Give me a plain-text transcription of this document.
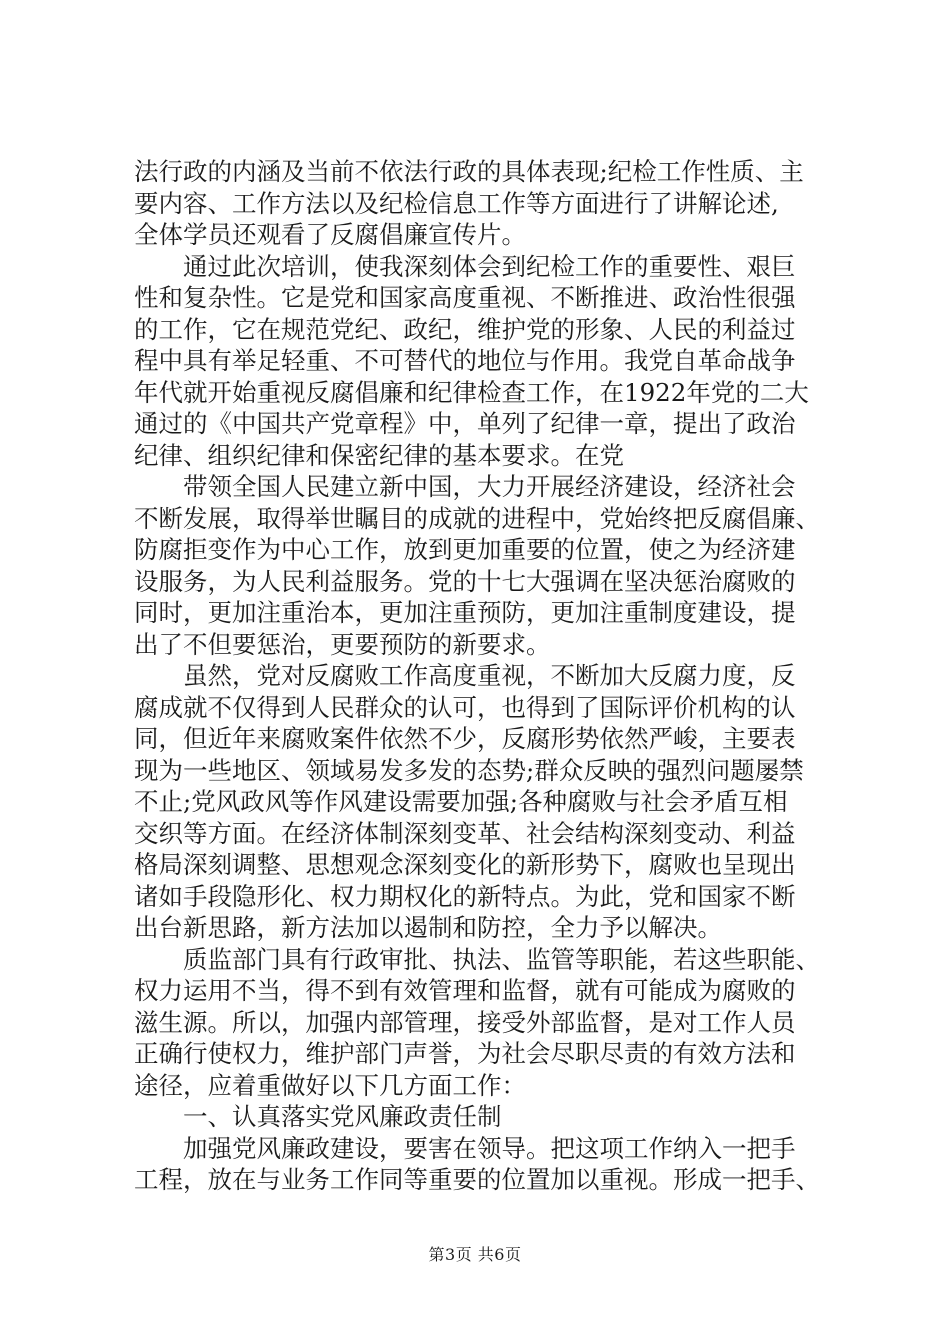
法行政的内涵及当前不依法行政的具体表现;纪检工作性质、主
要内容、工作方法以及纪检信息工作等方面进行了讲解论述,
全体学员还观看了反腐倡廉宣传片。
　　通过此次培训，使我深刻体会到纪检工作的重要性、艰巨
性和复杂性。它是党和国家高度重视、不断推进、政治性很强
的工作，它在规范党纪、政纪，维护党的形象、人民的利益过
程中具有举足轻重、不可替代的地位与作用。我党自革命战争
年代就开始重视反腐倡廉和纪律检查工作，在1922年党的二大
通过的《中国共产党章程》中，单列了纪律一章，提出了政治
纪律、组织纪律和保密纪律的基本要求。在党
　　带领全国人民建立新中国，大力开展经济建设，经济社会
不断发展，取得举世瞩目的成就的进程中，党始终把反腐倡廉、
防腐拒变作为中心工作，放到更加重要的位置，使之为经济建
设服务，为人民利益服务。党的十七大强调在坚决惩治腐败的
同时，更加注重治本，更加注重预防，更加注重制度建设，提
出了不但要惩治，更要预防的新要求。
　　虽然，党对反腐败工作高度重视，不断加大反腐力度，反
腐成就不仅得到人民群众的认可，也得到了国际评价机构的认
同，但近年来腐败案件依然不少，反腐形势依然严峻，主要表
现为一些地区、领域易发多发的态势;群众反映的强烈问题屡禁
不止;党风政风等作风建设需要加强;各种腐败与社会矛盾互相
交织等方面。在经济体制深刻变革、社会结构深刻变动、利益
格局深刻调整、思想观念深刻变化的新形势下，腐败也呈现出
诸如手段隐形化、权力期权化的新特点。为此，党和国家不断
出台新思路，新方法加以遏制和防控，全力予以解决。
　　质监部门具有行政审批、执法、监管等职能，若这些职能、
权力运用不当，得不到有效管理和监督，就有可能成为腐败的
滋生源。所以，加强内部管理，接受外部监督，是对工作人员
正确行使权力，维护部门声誉，为社会尽职尽责的有效方法和
途径，应着重做好以下几方面工作：
　　一、认真落实党风廉政责任制
　　加强党风廉政建设，要害在领导。把这项工作纳入一把手
工程，放在与业务工作同等重要的位置加以重视。形成一把手、
第3页 共6页
